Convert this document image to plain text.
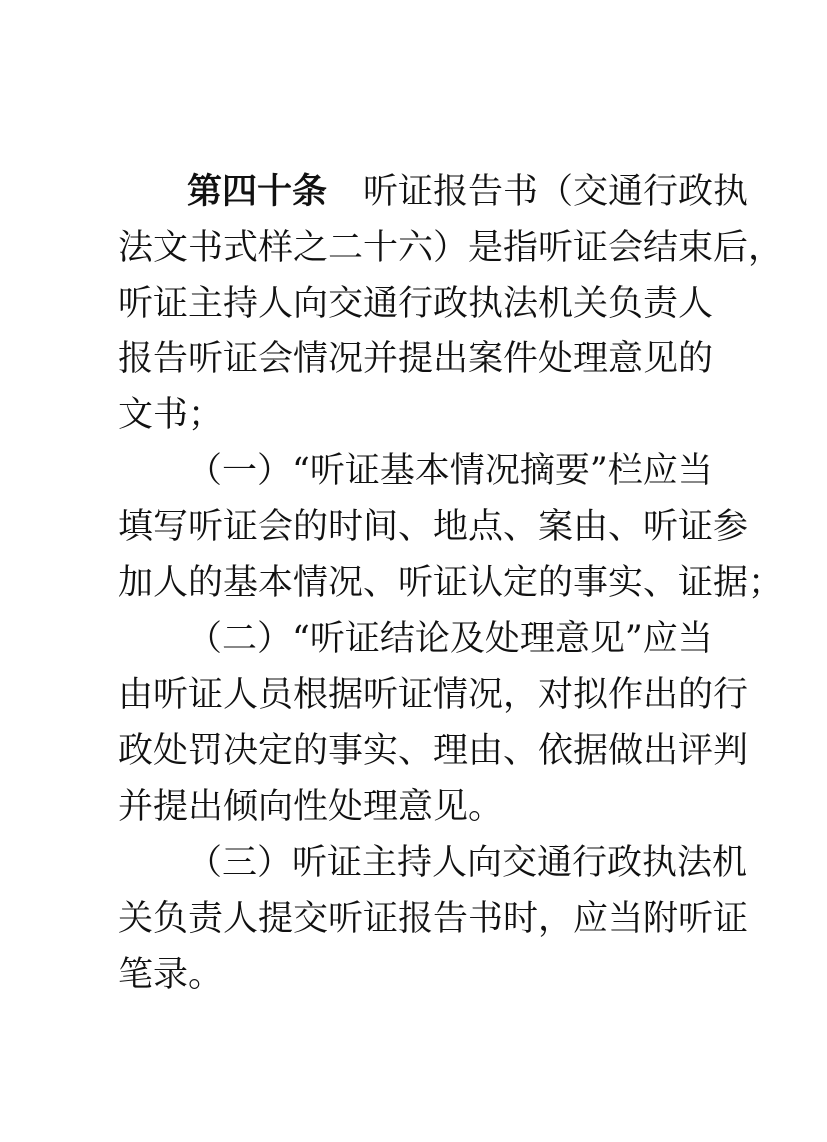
第四十条 听证报告书（交通行政执
法文书式样之二十六）是指听证会结束后，
听证主持人向交通行政执法机关负责人
报告听证会情况并提出案件处理意见的
文书；
（一）“听证基本情况摘要”栏应当
填写听证会的时间、地点、案由、听证参
加人的基本情况、听证认定的事实、证据；
（二）“听证结论及处理意见”应当
由听证人员根据听证情况，对拟作出的行
政处罚决定的事实、理由、依据做出评判
并提出倾向性处理意见。
（三）听证主持人向交通行政执法机
关负责人提交听证报告书时，应当附听证
笔录。
